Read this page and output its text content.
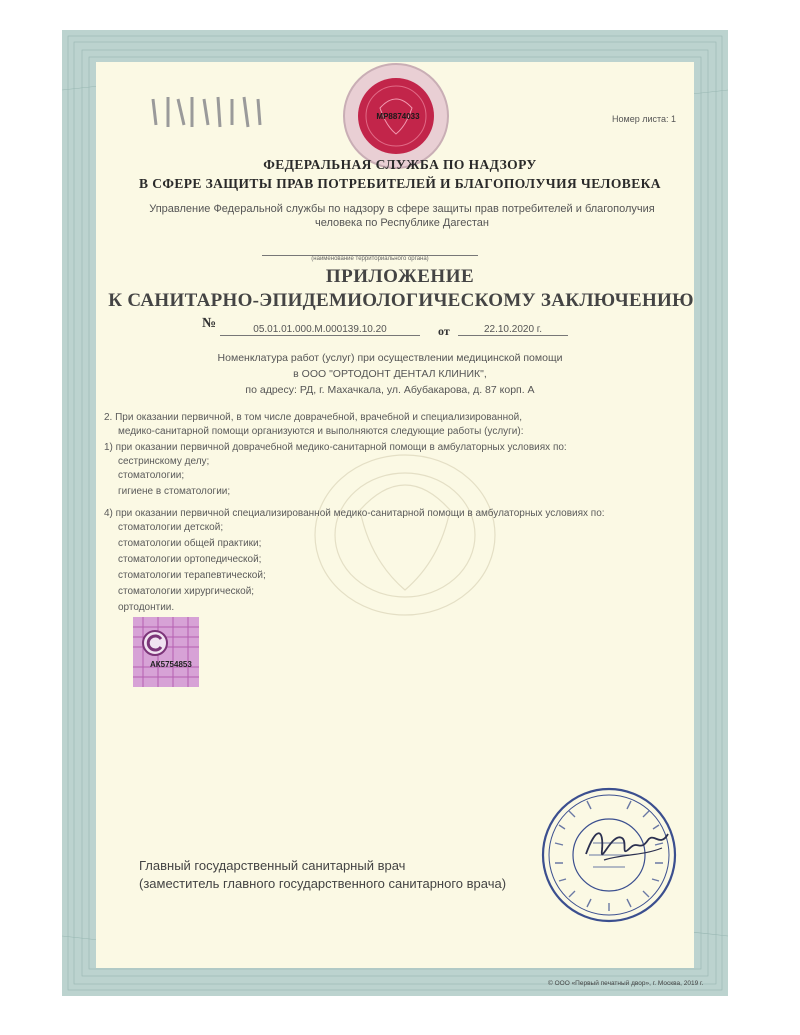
Номер листа: 1
МР8874033
ФЕДЕРАЛЬНАЯ СЛУЖБА ПО НАДЗОРУ
В СФЕРЕ ЗАЩИТЫ ПРАВ ПОТРЕБИТЕЛЕЙ И БЛАГОПОЛУЧИЯ ЧЕЛОВЕКА
Управление Федеральной службы по надзору в сфере защиты прав потребителей и благополучия
человека по Республике Дагестан
(наименование территориального органа)
ПРИЛОЖЕНИЕ
К САНИТАРНО-ЭПИДЕМИОЛОГИЧЕСКОМУ ЗАКЛЮЧЕНИЮ
№	05.01.01.000.М.000139.10.20	от	22.10.2020 г.
Номенклатура работ (услуг) при осуществлении медицинской помощи
в ООО "ОРТОДОНТ ДЕНТАЛ КЛИНИК",
по адресу: РД, г. Махачкала, ул. Абубакарова, д. 87 корп. А
2. При оказании первичной, в том числе доврачебной, врачебной и специализированной,
медико-санитарной помощи организуются и выполняются следующие работы (услуги):
1) при оказании первичной доврачебной медико-санитарной помощи в амбулаторных условиях по:
сестринскому делу;
стоматологии;
гигиене в стоматологии;
4) при оказании первичной специализированной медико-санитарной помощи в амбулаторных условиях по:
стоматологии детской;
стоматологии общей практики;
стоматологии ортопедической;
стоматологии терапевтической;
стоматологии хирургической;
ортодонтии.
АК5754853
Главный государственный санитарный врач
(заместитель главного государственного санитарного врача)
© ООО «Первый печатный двор», г. Москва, 2019 г.
